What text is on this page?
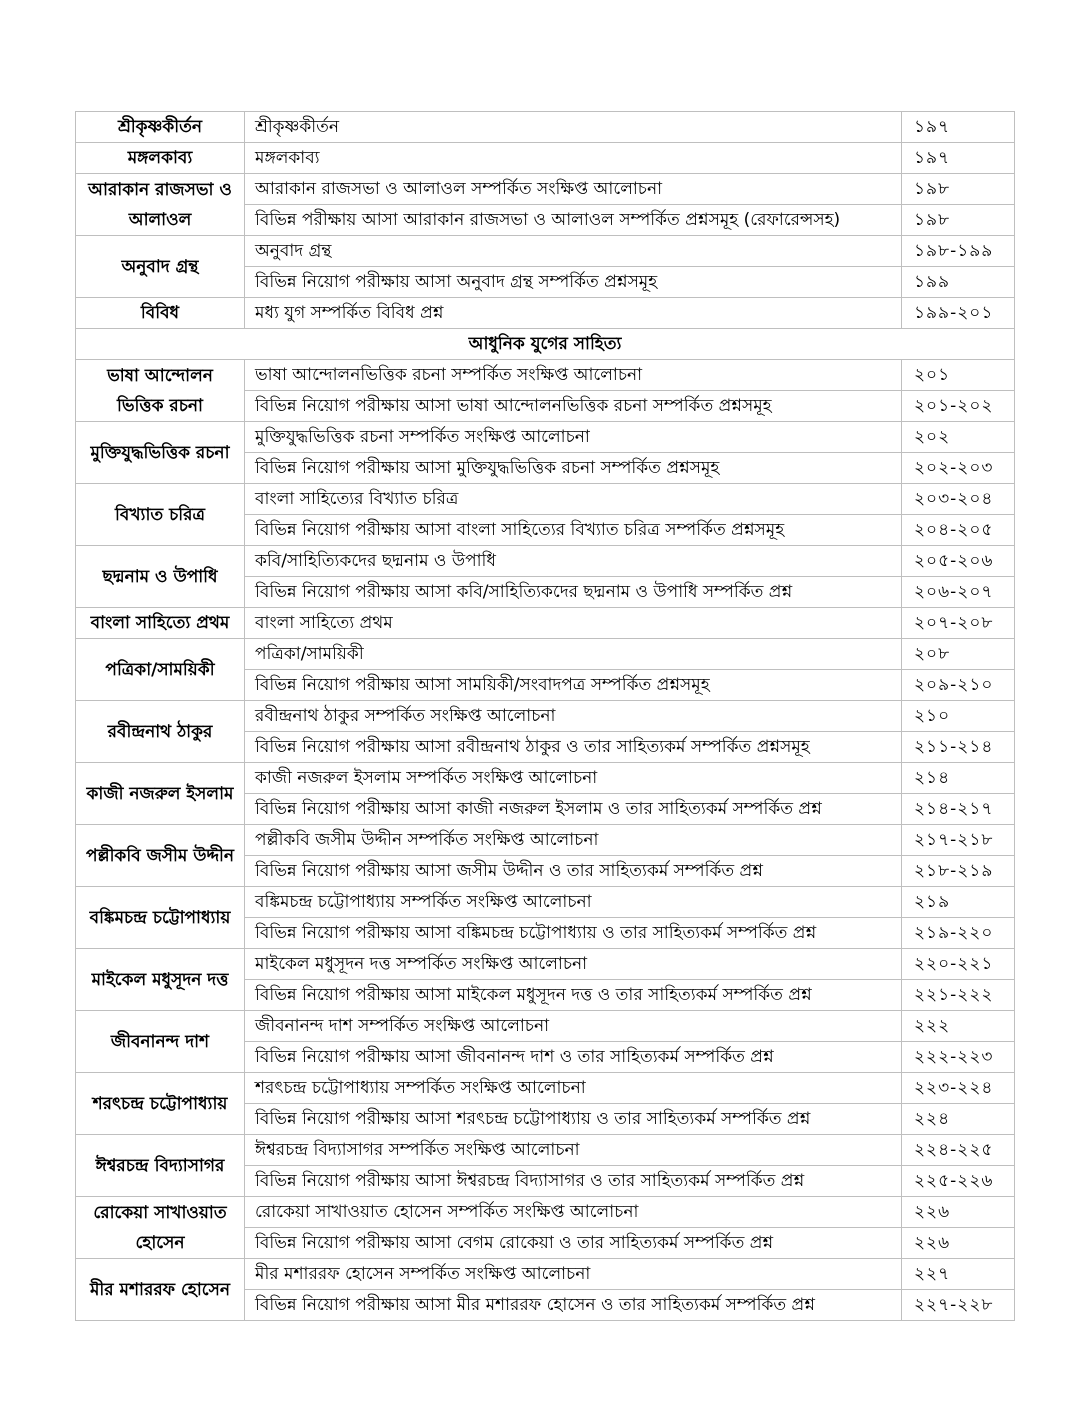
শ্রীকৃষ্ণকীর্তন	শ্রীকৃষ্ণকীর্তন	১৯৭
মঙ্গলকাব্য	মঙ্গলকাব্য	১৯৭
আরাকান রাজসভা ও আলাওল	আরাকান রাজসভা ও আলাওল সম্পর্কিত সংক্ষিপ্ত আলোচনা	১৯৮
	বিভিন্ন পরীক্ষায় আসা আরাকান রাজসভা ও আলাওল সম্পর্কিত প্রশ্নসমূহ (রেফারেন্সসহ)	১৯৮
অনুবাদ গ্রন্থ	অনুবাদ গ্রন্থ	১৯৮-১৯৯
	বিভিন্ন নিয়োগ পরীক্ষায় আসা অনুবাদ গ্রন্থ সম্পর্কিত প্রশ্নসমূহ	১৯৯
বিবিধ	মধ্য যুগ সম্পর্কিত বিবিধ প্রশ্ন	১৯৯-২০১
আধুনিক যুগের সাহিত্য		
ভাষা আন্দোলন ভিত্তিক রচনা	ভাষা আন্দোলনভিত্তিক রচনা সম্পর্কিত সংক্ষিপ্ত আলোচনা	২০১
	বিভিন্ন নিয়োগ পরীক্ষায় আসা ভাষা আন্দোলনভিত্তিক রচনা সম্পর্কিত প্রশ্নসমূহ	২০১-২০২
মুক্তিযুদ্ধভিত্তিক রচনা	মুক্তিযুদ্ধভিত্তিক রচনা সম্পর্কিত সংক্ষিপ্ত আলোচনা	২০২
	বিভিন্ন নিয়োগ পরীক্ষায় আসা মুক্তিযুদ্ধভিত্তিক রচনা সম্পর্কিত প্রশ্নসমূহ	২০২-২০৩
বিখ্যাত চরিত্র	বাংলা সাহিত্যের বিখ্যাত চরিত্র	২০৩-২০৪
	বিভিন্ন নিয়োগ পরীক্ষায় আসা বাংলা সাহিত্যের বিখ্যাত চরিত্র সম্পর্কিত প্রশ্নসমূহ	২০৪-২০৫
ছদ্মনাম ও উপাধি	কবি/সাহিত্যিকদের ছদ্মনাম ও উপাধি	২০৫-২০৬
	বিভিন্ন নিয়োগ পরীক্ষায় আসা কবি/সাহিত্যিকদের ছদ্মনাম ও উপাধি সম্পর্কিত প্রশ্ন	২০৬-২০৭
বাংলা সাহিত্যে প্রথম	বাংলা সাহিত্যে প্রথম	২০৭-২০৮
পত্রিকা/সাময়িকী	পত্রিকা/সাময়িকী	২০৮
	বিভিন্ন নিয়োগ পরীক্ষায় আসা সাময়িকী/সংবাদপত্র সম্পর্কিত প্রশ্নসমূহ	২০৯-২১০
রবীন্দ্রনাথ ঠাকুর	রবীন্দ্রনাথ ঠাকুর সম্পর্কিত সংক্ষিপ্ত আলোচনা	২১০
	বিভিন্ন নিয়োগ পরীক্ষায় আসা রবীন্দ্রনাথ ঠাকুর ও তার সাহিত্যকর্ম সম্পর্কিত প্রশ্নসমূহ	২১১-২১৪
কাজী নজরুল ইসলাম	কাজী নজরুল ইসলাম সম্পর্কিত সংক্ষিপ্ত আলোচনা	২১৪
	বিভিন্ন নিয়োগ পরীক্ষায় আসা কাজী নজরুল ইসলাম ও তার সাহিত্যকর্ম সম্পর্কিত প্রশ্ন	২১৪-২১৭
পল্লীকবি জসীম উদ্দীন	পল্লীকবি জসীম উদ্দীন সম্পর্কিত সংক্ষিপ্ত আলোচনা	২১৭-২১৮
	বিভিন্ন নিয়োগ পরীক্ষায় আসা জসীম উদ্দীন ও তার সাহিত্যকর্ম সম্পর্কিত প্রশ্ন	২১৮-২১৯
বঙ্কিমচন্দ্র চট্টোপাধ্যায়	বঙ্কিমচন্দ্র চট্টোপাধ্যায় সম্পর্কিত সংক্ষিপ্ত আলোচনা	২১৯
	বিভিন্ন নিয়োগ পরীক্ষায় আসা বঙ্কিমচন্দ্র চট্টোপাধ্যায় ও তার সাহিত্যকর্ম সম্পর্কিত প্রশ্ন	২১৯-২২০
মাইকেল মধুসূদন দত্ত	মাইকেল মধুসূদন দত্ত সম্পর্কিত সংক্ষিপ্ত আলোচনা	২২০-২২১
	বিভিন্ন নিয়োগ পরীক্ষায় আসা মাইকেল মধুসূদন দত্ত ও তার সাহিত্যকর্ম সম্পর্কিত প্রশ্ন	২২১-২২২
জীবনানন্দ দাশ	জীবনানন্দ দাশ সম্পর্কিত সংক্ষিপ্ত আলোচনা	২২২
	বিভিন্ন নিয়োগ পরীক্ষায় আসা জীবনানন্দ দাশ ও তার সাহিত্যকর্ম সম্পর্কিত প্রশ্ন	২২২-২২৩
শরৎচন্দ্র চট্টোপাধ্যায়	শরৎচন্দ্র চট্টোপাধ্যায় সম্পর্কিত সংক্ষিপ্ত আলোচনা	২২৩-২২৪
	বিভিন্ন নিয়োগ পরীক্ষায় আসা শরৎচন্দ্র চট্টোপাধ্যায় ও তার সাহিত্যকর্ম সম্পর্কিত প্রশ্ন	২২৪
ঈশ্বরচন্দ্র বিদ্যাসাগর	ঈশ্বরচন্দ্র বিদ্যাসাগর সম্পর্কিত সংক্ষিপ্ত আলোচনা	২২৪-২২৫
	বিভিন্ন নিয়োগ পরীক্ষায় আসা ঈশ্বরচন্দ্র বিদ্যাসাগর ও তার সাহিত্যকর্ম সম্পর্কিত প্রশ্ন	২২৫-২২৬
রোকেয়া সাখাওয়াত হোসেন	রোকেয়া সাখাওয়াত হোসেন সম্পর্কিত সংক্ষিপ্ত আলোচনা	২২৬
	বিভিন্ন নিয়োগ পরীক্ষায় আসা বেগম রোকেয়া ও তার সাহিত্যকর্ম সম্পর্কিত প্রশ্ন	২২৬
মীর মশাররফ হোসেন	মীর মশাররফ হোসেন সম্পর্কিত সংক্ষিপ্ত আলোচনা	২২৭
	বিভিন্ন নিয়োগ পরীক্ষায় আসা মীর মশাররফ হোসেন ও তার সাহিত্যকর্ম সম্পর্কিত প্রশ্ন	২২৭-২২৮
